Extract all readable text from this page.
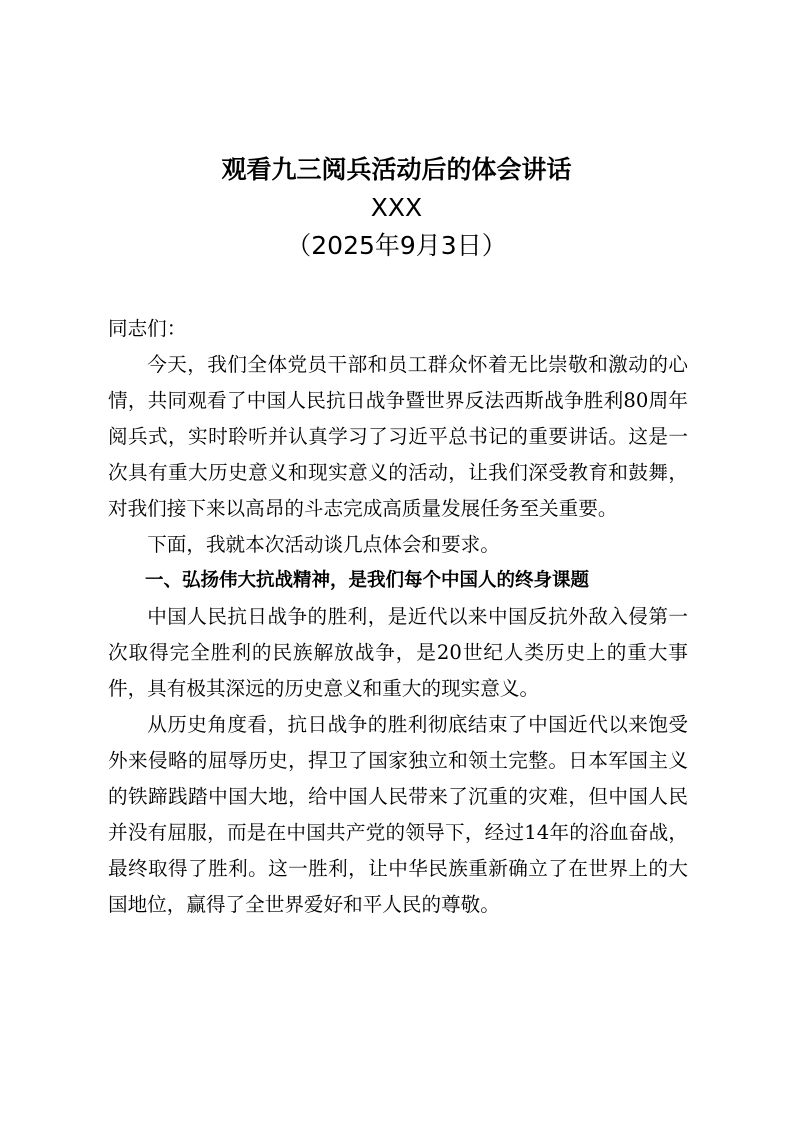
观看九三阅兵活动后的体会讲话
XXX
（2025年9月3日）

同志们：

今天，我们全体党员干部和员工群众怀着无比崇敬和激动的心情，共同观看了中国人民抗日战争暨世界反法西斯战争胜利80周年阅兵式，实时聆听并认真学习了习近平总书记的重要讲话。这是一次具有重大历史意义和现实意义的活动，让我们深受教育和鼓舞，对我们接下来以高昂的斗志完成高质量发展任务至关重要。

下面，我就本次活动谈几点体会和要求。

一、弘扬伟大抗战精神，是我们每个中国人的终身课题

中国人民抗日战争的胜利，是近代以来中国反抗外敌入侵第一次取得完全胜利的民族解放战争，是20世纪人类历史上的重大事件，具有极其深远的历史意义和重大的现实意义。

从历史角度看，抗日战争的胜利彻底结束了中国近代以来饱受外来侵略的屈辱历史，捍卫了国家独立和领土完整。日本军国主义的铁蹄践踏中国大地，给中国人民带来了沉重的灾难，但中国人民并没有屈服，而是在中国共产党的领导下，经过14年的浴血奋战，最终取得了胜利。这一胜利，让中华民族重新确立了在世界上的大国地位，赢得了全世界爱好和平人民的尊敬。
